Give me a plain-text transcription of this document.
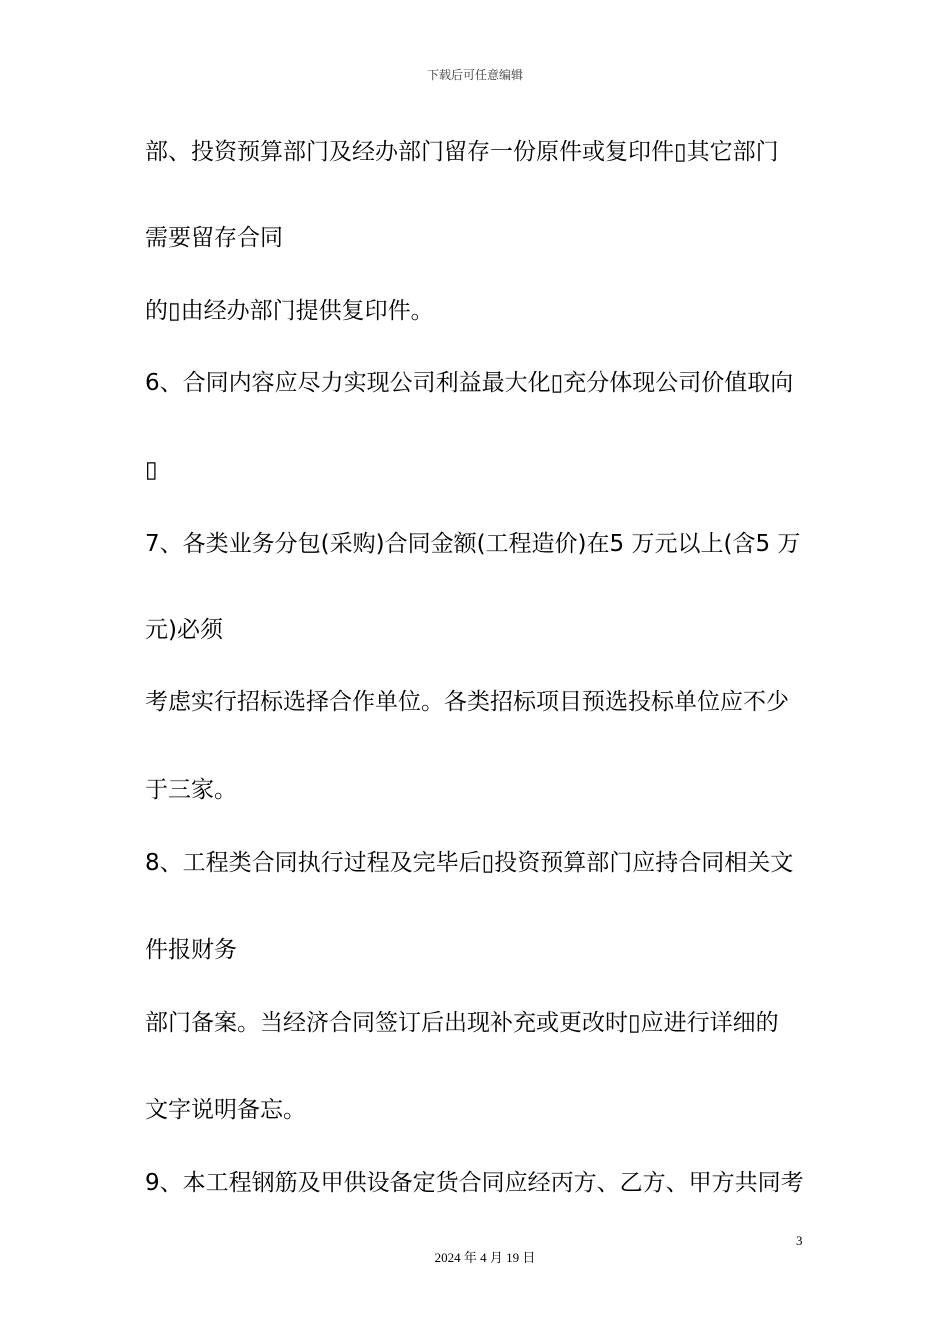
下载后可任意编辑
部、投资预算部门及经办部门留存一份原件或复印件▯其它部门
需要留存合同
的▯由经办部门提供复印件。
6、合同内容应尽力实现公司利益最大化▯充分体现公司价值取向
▯
7、各类业务分包(采购)合同金额(工程造价)在5 万元以上(含5 万
元)必须
考虑实行招标选择合作单位。各类招标项目预选投标单位应不少
于三家。
8、工程类合同执行过程及完毕后▯投资预算部门应持合同相关文
件报财务
部门备案。当经济合同签订后出现补充或更改时▯应进行详细的
文字说明备忘。
9、本工程钢筋及甲供设备定货合同应经丙方、乙方、甲方共同考
3
2024 年 4 月 19 日
